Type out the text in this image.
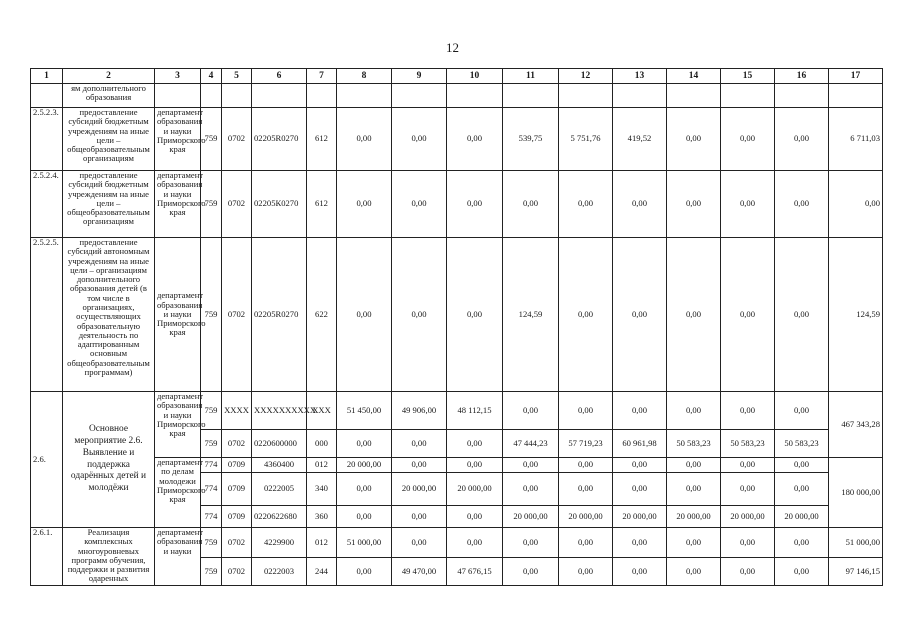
12
1	2	3	4	5	6	7	8	9	10	11	12	13	14	15	16	17
	ям дополнительного образования															
2.5.2.3.	предоставление субсидий бюджетным учреждениям на иные цели – общеобразовательным организациям	департамент образования и науки Приморского края	759	0702	02205R0270	612	0,00	0,00	0,00	539,75	5 751,76	419,52	0,00	0,00	0,00	6 711,03
2.5.2.4.	предоставление субсидий бюджетным учреждениям на иные цели – общеобразовательным организациям	департамент образования и науки Приморского края	759	0702	02205К0270	612	0,00	0,00	0,00	0,00	0,00	0,00	0,00	0,00	0,00	0,00
2.5.2.5.	предоставление субсидий автономным учреждениям на иные цели – организациям дополнительного образования детей (в том числе в организациях, осуществляющих образовательную деятельность по адаптированным основным общеобразовательным программам)	департамент образования и науки Приморского края	759	0702	02205R0270	622	0,00	0,00	0,00	124,59	0,00	0,00	0,00	0,00	0,00	124,59
2.6.	Основное мероприятие 2.6. Выявление и поддержка одарённых детей и молодёжи	департамент образования и науки Приморского края	759	ХХХХ	ХХХХХХХХХХ	ХХХ	51 450,00	49 906,00	48 112,15	0,00	0,00	0,00	0,00	0,00	0,00	467 343,28
			759	0702	0220600000	000	0,00	0,00	0,00	47 444,23	57 719,23	60 961,98	50 583,23	50 583,23	50 583,23	
		департамент по делам молодежи Приморского края	774	0709	4360400	012	20 000,00	0,00	0,00	0,00	0,00	0,00	0,00	0,00	0,00	180 000,00
			774	0709	0222005	340	0,00	20 000,00	20 000,00	0,00	0,00	0,00	0,00	0,00	0,00	
			774	0709	0220622680	360	0,00	0,00	0,00	20 000,00	20 000,00	20 000,00	20 000,00	20 000,00	20 000,00	
2.6.1.	Реализация комплексных многоуровневых программ обучения, поддержки и развития одаренных	департамент образования и науки	759	0702	4229900	012	51 000,00	0,00	0,00	0,00	0,00	0,00	0,00	0,00	0,00	51 000,00
			759	0702	0222003	244	0,00	49 470,00	47 676,15	0,00	0,00	0,00	0,00	0,00	0,00	97 146,15
